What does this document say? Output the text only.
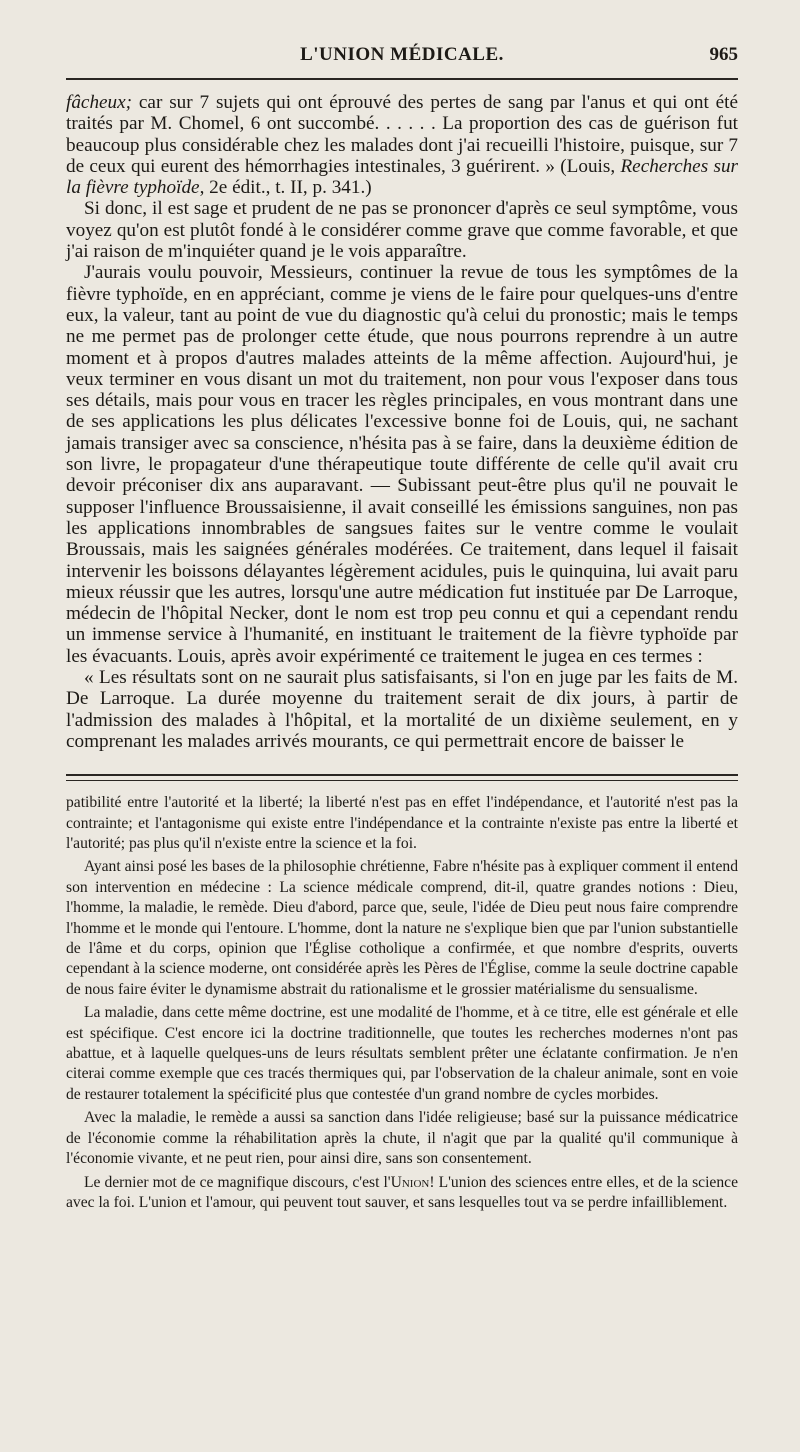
L'UNION MÉDICALE.	965

fâcheux; car sur 7 sujets qui ont éprouvé des pertes de sang par l'anus et qui ont été traités par M. Chomel, 6 ont succombé. . . . . . La proportion des cas de guérison fut beaucoup plus considérable chez les malades dont j'ai recueilli l'histoire, puisque, sur 7 de ceux qui eurent des hémorrhagies intestinales, 3 guérirent. » (Louis, Recherches sur la fièvre typhoïde, 2e édit., t. II, p. 341.)

Si donc, il est sage et prudent de ne pas se prononcer d'après ce seul symptôme, vous voyez qu'on est plutôt fondé à le considérer comme grave que comme favorable, et que j'ai raison de m'inquiéter quand je le vois apparaître.

J'aurais voulu pouvoir, Messieurs, continuer la revue de tous les symptômes de la fièvre typhoïde, en en appréciant, comme je viens de le faire pour quelques-uns d'entre eux, la valeur, tant au point de vue du diagnostic qu'à celui du pronostic; mais le temps ne me permet pas de prolonger cette étude, que nous pourrons reprendre à un autre moment et à propos d'autres malades atteints de la même affection. Aujourd'hui, je veux terminer en vous disant un mot du traitement, non pour vous l'exposer dans tous ses détails, mais pour vous en tracer les règles principales, en vous montrant dans une de ses applications les plus délicates l'excessive bonne foi de Louis, qui, ne sachant jamais transiger avec sa conscience, n'hésita pas à se faire, dans la deuxième édition de son livre, le propagateur d'une thérapeutique toute différente de celle qu'il avait cru devoir préconiser dix ans auparavant. — Subissant peut-être plus qu'il ne pouvait le supposer l'influence Broussaisienne, il avait conseillé les émissions sanguines, non pas les applications innombrables de sangsues faites sur le ventre comme le voulait Broussais, mais les saignées générales modérées. Ce traitement, dans lequel il faisait intervenir les boissons délayantes légèrement acidules, puis le quinquina, lui avait paru mieux réussir que les autres, lorsqu'une autre médication fut instituée par De Larroque, médecin de l'hôpital Necker, dont le nom est trop peu connu et qui a cependant rendu un immense service à l'humanité, en instituant le traitement de la fièvre typhoïde par les évacuants. Louis, après avoir expérimenté ce traitement le jugea en ces termes :

« Les résultats sont on ne saurait plus satisfaisants, si l'on en juge par les faits de M. De Larroque. La durée moyenne du traitement serait de dix jours, à partir de l'admission des malades à l'hôpital, et la mortalité de un dixième seulement, en y comprenant les malades arrivés mourants, ce qui permettrait encore de baisser le

patibilité entre l'autorité et la liberté; la liberté n'est pas en effet l'indépendance, et l'autorité n'est pas la contrainte; et l'antagonisme qui existe entre l'indépendance et la contrainte n'existe pas entre la liberté et l'autorité; pas plus qu'il n'existe entre la science et la foi.

Ayant ainsi posé les bases de la philosophie chrétienne, Fabre n'hésite pas à expliquer comment il entend son intervention en médecine : La science médicale comprend, dit-il, quatre grandes notions : Dieu, l'homme, la maladie, le remède. Dieu d'abord, parce que, seule, l'idée de Dieu peut nous faire comprendre l'homme et le monde qui l'entoure. L'homme, dont la nature ne s'explique bien que par l'union substantielle de l'âme et du corps, opinion que l'Église cotholique a confirmée, et que nombre d'esprits, ouverts cependant à la science moderne, ont considérée après les Pères de l'Église, comme la seule doctrine capable de nous faire éviter le dynamisme abstrait du rationalisme et le grossier matérialisme du sensualisme.

La maladie, dans cette même doctrine, est une modalité de l'homme, et à ce titre, elle est générale et elle est spécifique. C'est encore ici la doctrine traditionnelle, que toutes les recherches modernes n'ont pas abattue, et à laquelle quelques-uns de leurs résultats semblent prêter une éclatante confirmation. Je n'en citerai comme exemple que ces tracés thermiques qui, par l'observation de la chaleur animale, sont en voie de restaurer totalement la spécificité plus que contestée d'un grand nombre de cycles morbides.

Avec la maladie, le remède a aussi sa sanction dans l'idée religieuse; basé sur la puissance médicatrice de l'économie comme la réhabilitation après la chute, il n'agit que par la qualité qu'il communique à l'économie vivante, et ne peut rien, pour ainsi dire, sans son consentement.

Le dernier mot de ce magnifique discours, c'est l'Union! L'union des sciences entre elles, et de la science avec la foi. L'union et l'amour, qui peuvent tout sauver, et sans lesquelles tout va se perdre infailliblement.
